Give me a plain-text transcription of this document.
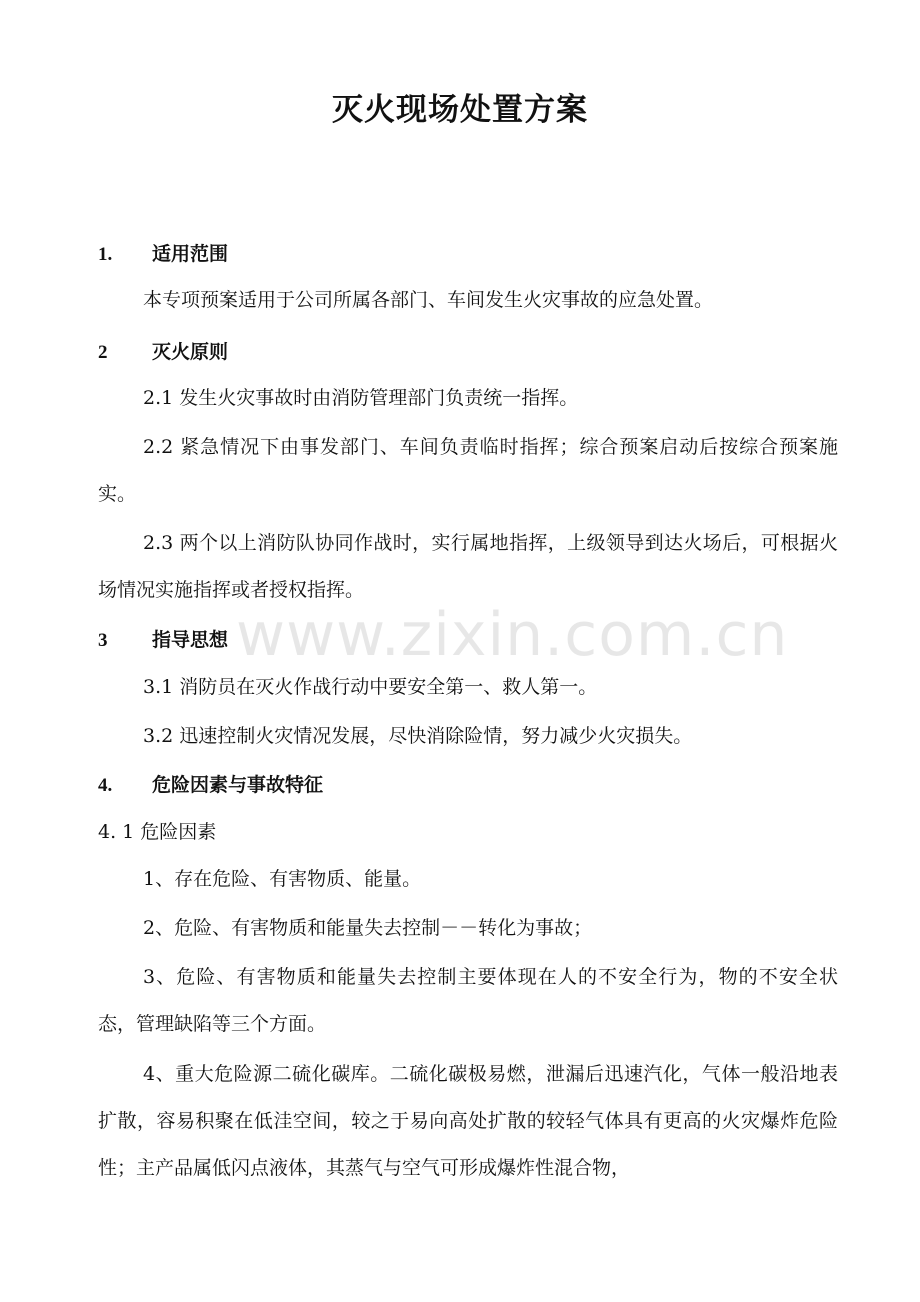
灭火现场处置方案
1. 适用范围

本专项预案适用于公司所属各部门、车间发生火灾事故的应急处置。

2 灭火原则

2.1 发生火灾事故时由消防管理部门负责统一指挥。

2.2 紧急情况下由事发部门、车间负责临时指挥；综合预案启动后按综合预案施实。

2.3 两个以上消防队协同作战时，实行属地指挥，上级领导到达火场后，可根据火场情况实施指挥或者授权指挥。

3 指导思想

3.1 消防员在灭火作战行动中要安全第一、救人第一。

3.2 迅速控制火灾情况发展，尽快消除险情，努力减少火灾损失。

4. 危险因素与事故特征
4. 1 危险因素

1、存在危险、有害物质、能量。

2、危险、有害物质和能量失去控制－－转化为事故；

3、危险、有害物质和能量失去控制主要体现在人的不安全行为，物的不安全状态，管理缺陷等三个方面。

4、重大危险源二硫化碳库。二硫化碳极易燃，泄漏后迅速汽化，气体一般沿地表扩散，容易积聚在低洼空间，较之于易向高处扩散的较轻气体具有更高的火灾爆炸危险性；主产品属低闪点液体，其蒸气与空气可形成爆炸性混合物，

www.zixin.com.cn
